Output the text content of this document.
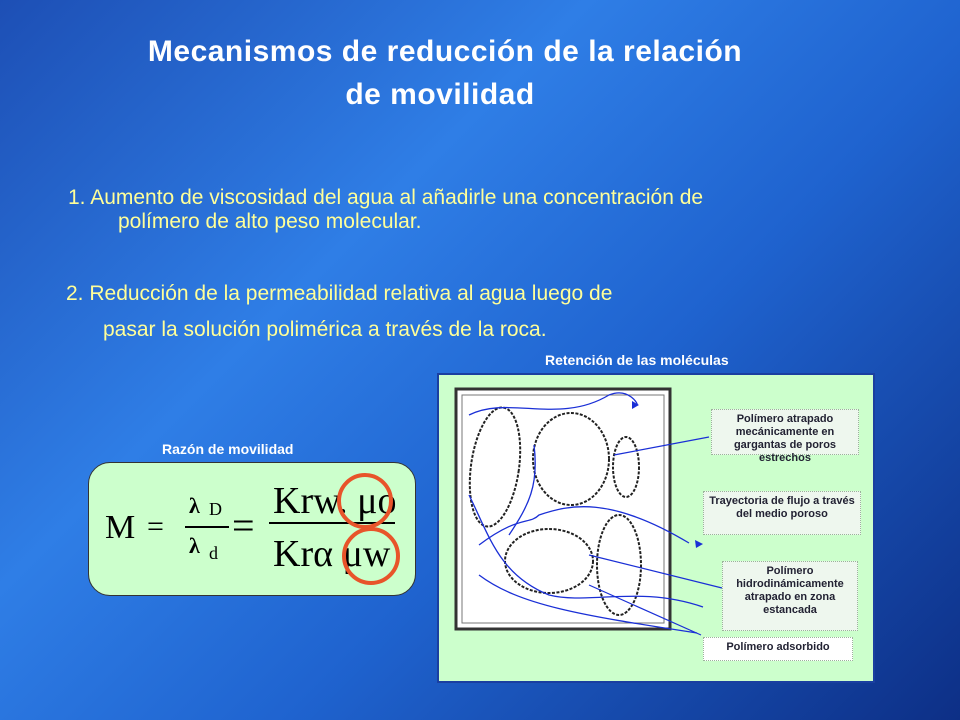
Mecanismos de reducción de la relación
de movilidad
1. Aumento de viscosidad del agua al añadirle una concentración de
polímero de alto peso molecular.
2. Reducción de la permeabilidad relativa al agua luego de
pasar la solución polimérica a través de la roca.
Razón de movilidad
M =
λ D
λ d
=
Krw. μo
Krα μw
Retención de las moléculas
Polímero atrapado mecánicamente en gargantas de poros estrechos
Trayectoria de flujo a través del medio poroso
Polímero hidrodinámicamente atrapado en zona estancada
Polímero adsorbido
